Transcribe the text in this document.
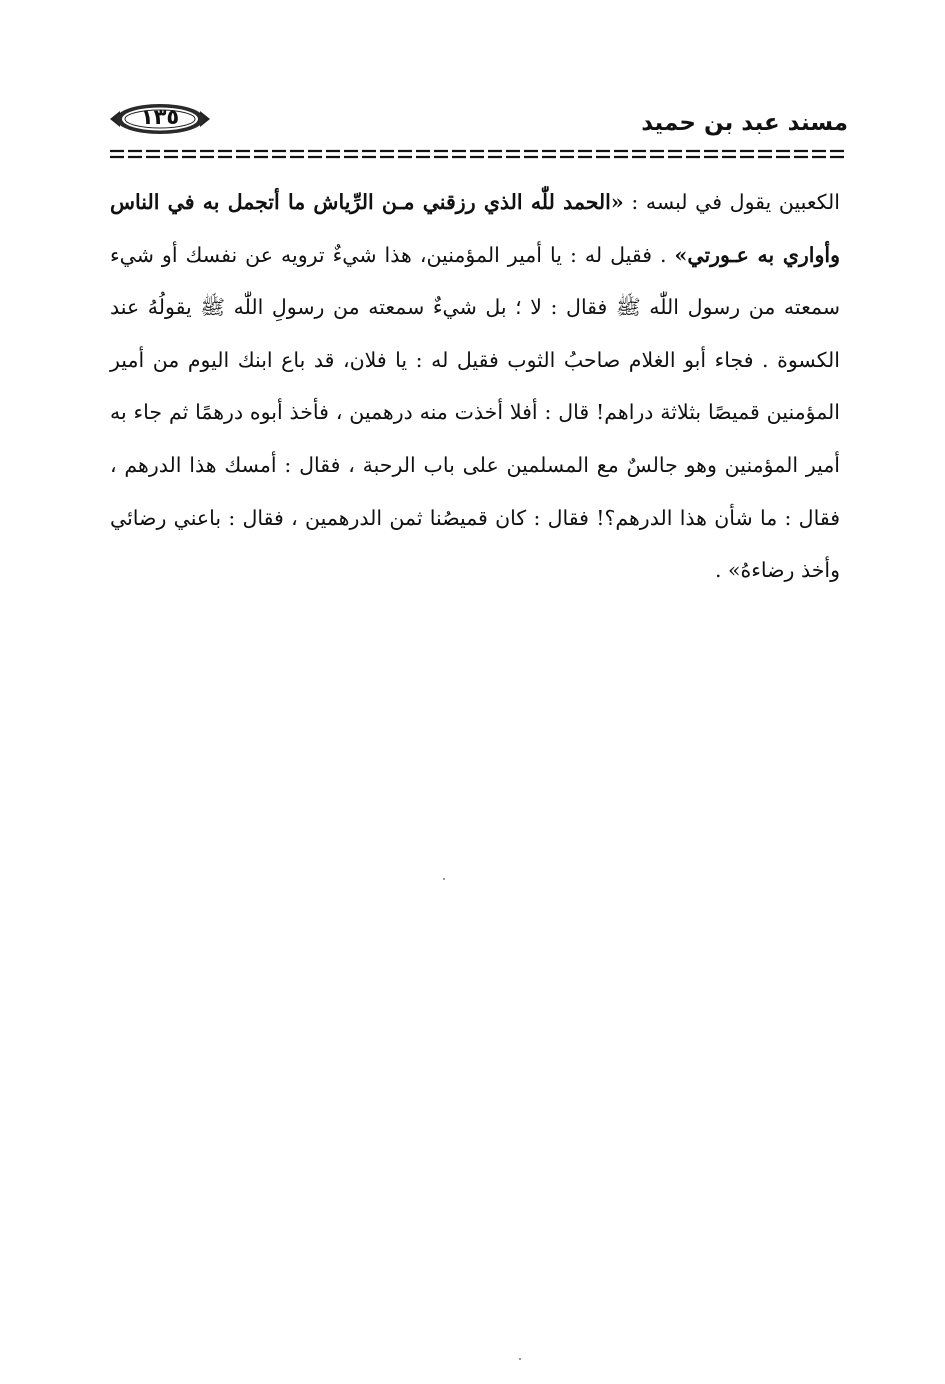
مسند عبد بن حميد
١٣٥

الكعبين يقول في لبسه : «الحمد للّٰه الذي رزقني مـن الرِّياش ما أتجمل به في الناس وأواري به عـورتي» . فقيل له : يا أمير المؤمنين، هذا شيءٌ ترويه عن نفسك أو شيء سمعته من رسول اللّٰه ﷺ فقال : لا ؛ بل شيءٌ سمعته من رسولِ اللّٰه ﷺ يقولُهُ عند الكسوة . فجاء أبو الغلام صاحبُ الثوب فقيل له : يا فلان، قد باع ابنك اليوم من أمير المؤمنين قميصًا بثلاثة دراهم! قال : أفلا أخذت منه درهمين ، فأخذ أبوه درهمًا ثم جاء به أمير المؤمنين وهو جالسٌ مع المسلمين على باب الرحبة ، فقال : أمسك هذا الدرهم ، فقال : ما شأن هذا الدرهم؟! فقال : كان قميصُنا ثمن الدرهمين ، فقال : باعني رضائي وأخذ رضاءهُ» .
